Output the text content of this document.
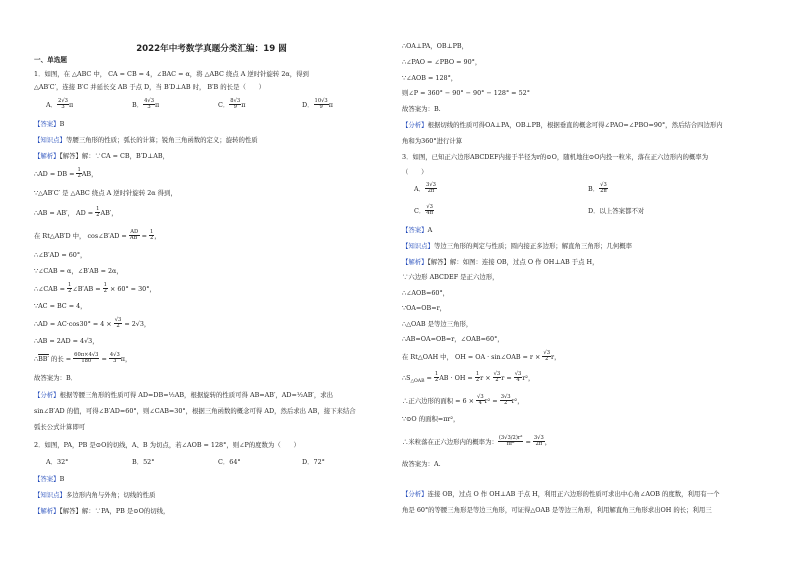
2022年中考数学真题分类汇编：19 圆
一、单选题
1．如图，在 △ABC 中， CA = CB = 4，∠BAC = α，将 △ABC 绕点 A 逆时针旋转 2α，得到
△AB′C′，连接 B′C 并延长交 AB 于点 D，当 B′D⊥AB 时， B′B 的长是（　　）
A． $\frac{2√3}{3}$ π	B． $\frac{4√3}{3}$ π	C． $\frac{8√3}{9}$ π	D． $\frac{10√3}{9}$ π
【答案】B
【知识点】等腰三角形的性质；弧长的计算；锐角三角函数的定义；旋转的性质
【解析】【解答】解：∵CA = CB，B′D⊥AB，
∴AD = DB = $\frac{1}{2}$ AB，
∵△AB′C′ 是 △ABC 绕点 A 逆时针旋转 2α 得到，
∴AB = AB′， AD = $\frac{1}{2} AB'$，
在 Rt△AB′D 中， cos∠B′AD = $\frac{AD}{AB'} = \frac{1}{2}$ ，
∴∠B′AD = 60°，
∵∠CAB = α，∠B′AB = 2α，
∴∠CAB = $\frac{1}{2}$ ∠B′AB = $\frac{1}{2} \times 60^\circ = 30^\circ$，
∵AC = BC = 4，
∴AD = $AC\cdot\cos 30^\circ = 4 \times \frac{√3}{2} = 2√3$，
∴AB = 2AD = 4√3，
∴BB′ 的长 = $\frac{60\pi\times 4√3}{180} = \frac{4√3}{3}$ π，
故答案为：B．
【分析】根据等腰三角形的性质可得 AD=DB=½AB，根据旋转的性质可得 AB=AB′，AD=½AB′，求出
sin∠B′AD 的值，可得∠B′AD=60°，则∠CAB=30°，根据三角函数的概念可得 AD，然后求出 AB，接下来结合
弧长公式计算即可
2．如图，PA，PB 是⊙O的切线，A、B 为切点，若∠AOB = 128°，则∠P的度数为（　　）
A．32°	B．52°	C．64°	D．72°
【答案】B
【知识点】多边形内角与外角；切线的性质
【解析】【解答】解：∵PA，PB 是⊙O的切线，
∴OA⊥PA，OB⊥PB，
∴∠PAO = ∠PBO = 90°，
∵∠AOB = 128°，
则∠P = 360° − 90° − 90° − 128° = 52°
故答案为：B.
【分析】根据切线的性质可得OA⊥PA，OB⊥PB，根据垂直的概念可得∠PAO=∠PBO=90°，然后结合四边形内
角和为360°进行计算
3．如图，已知正六边形ABCDEF内接于半径为r的⊙O，随机地往⊙O内投一粒米，落在正六边形内的概率为
（　　）
A． $\frac{3√3}{2\pi}$	B． $\frac{√3}{2\pi}$
C． $\frac{√3}{4\pi}$	D．以上答案都不对
【答案】A
【知识点】等边三角形的判定与性质；圆内接正多边形；解直角三角形；几何概率
【解析】【解答】解：如图：连接 OB，过点 O 作 OH⊥AB 于点 H，
∵六边形 ABCDEF 是正六边形，
∴∠AOB=60°，
∵OA=OB=r，
∴△OAB 是等边三角形，
∴AB=OA=OB=r，∠OAB=60°，
在 Rt△OAH 中， OH = OA · sin∠OAB = $r \times \frac{√3}{2}$ r，
$\therefore S_{\triangle OAB} = \frac{1}{2}$ AB · OH = $\frac{1}{2}$ $r \times \frac{√3}{2}$ $r = \frac{√3}{4} r^2$，
∴正六边形的面积 = $6 \times \frac{√3}{4} r^2 = \frac{3√3}{2} r^2$，
∵⊙O 的面积=πr²，
∴米粒落在正六边形内的概率为： $\frac{\text{(3√3/2)r²}}{\text{πr²}} = \frac{3√3}{2\pi}$ ，
故答案为：A.
【分析】连接 OB，过点 O 作 OH⊥AB 于点 H，利用正六边形的性质可求出中心角∠AOB 的度数，利用有一个
角是 60°的等腰三角形是等边三角形，可证得△OAB 是等边三角形，利用解直角三角形求出OH 的长；利用三
